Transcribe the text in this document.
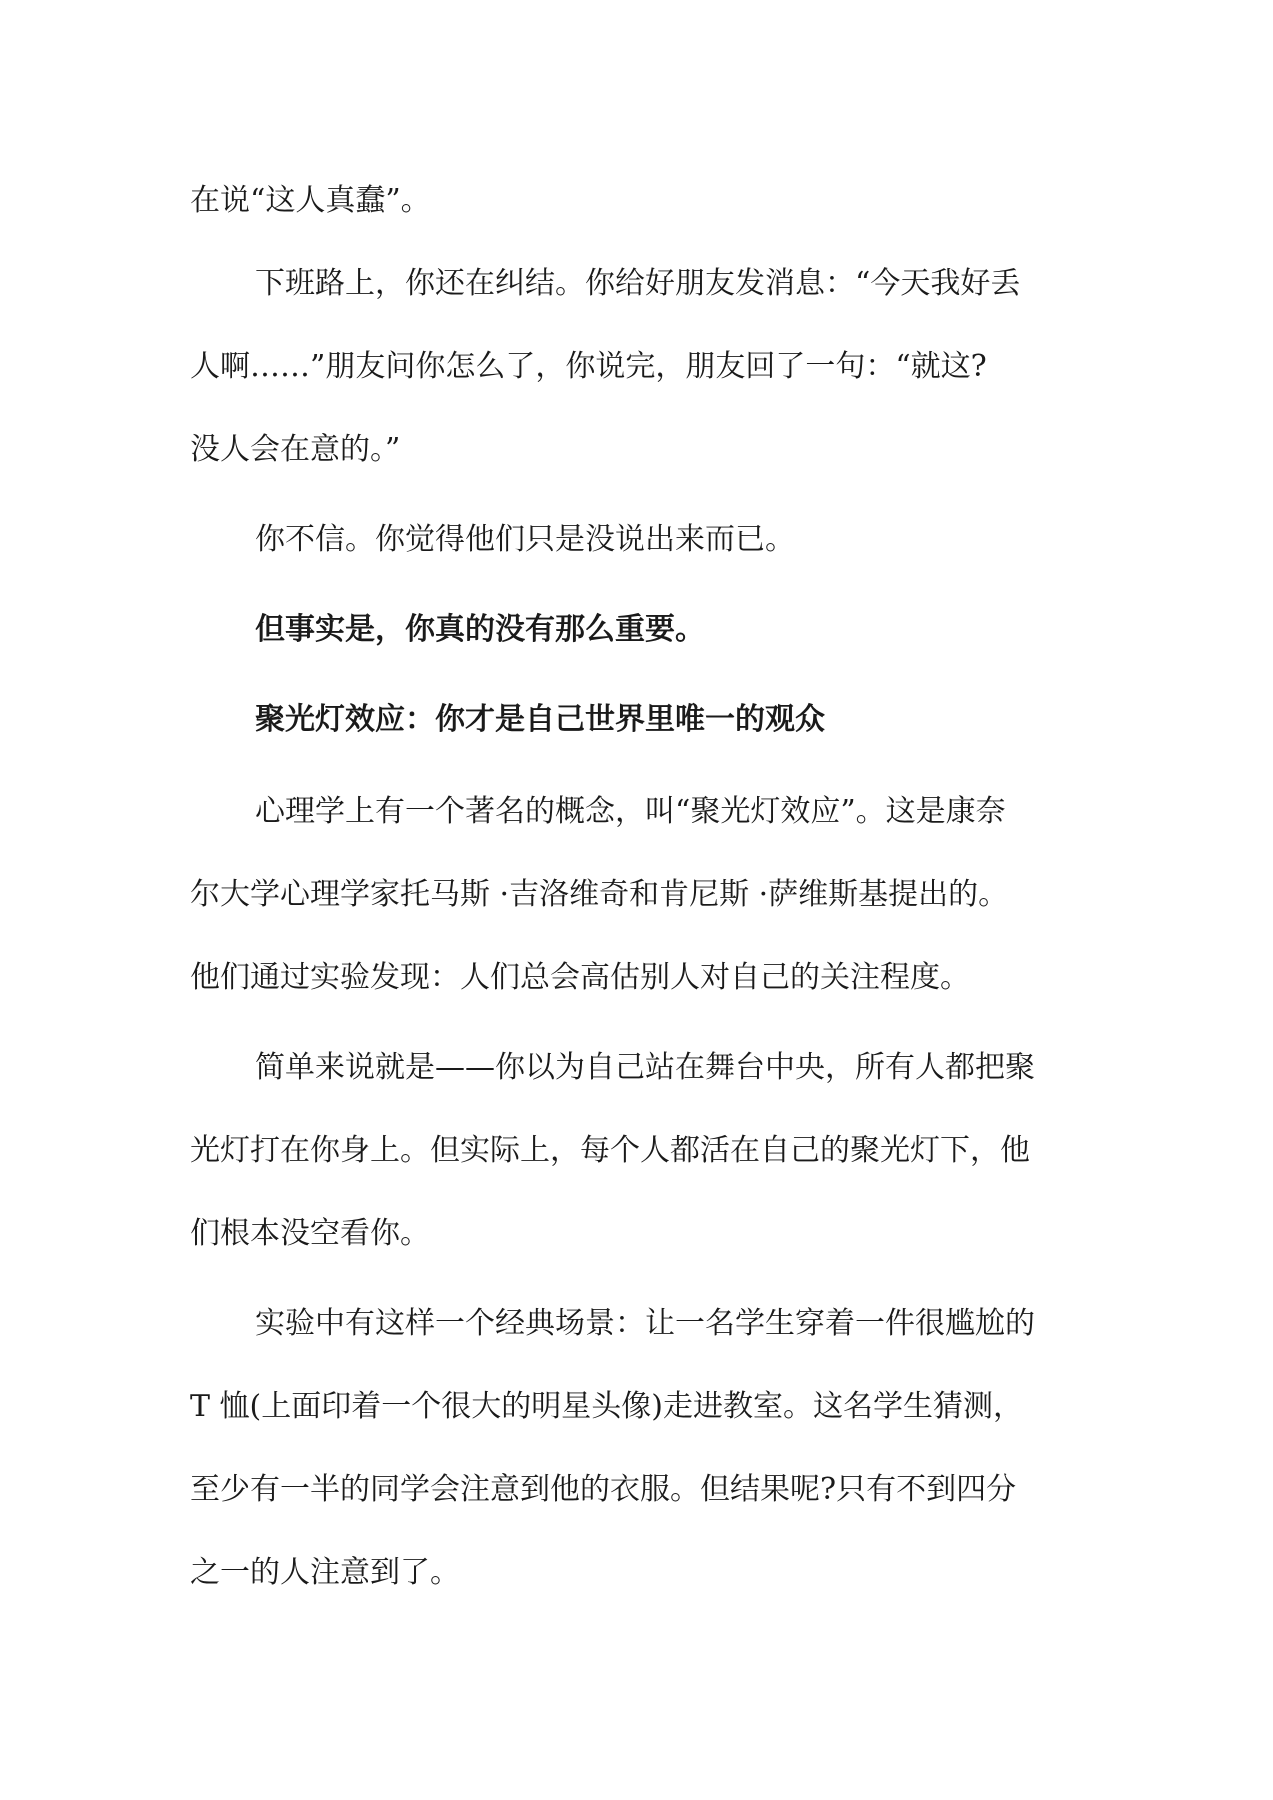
在说“这人真蠢”。

下班路上，你还在纠结。你给好朋友发消息：“今天我好丢

人啊……”朋友问你怎么了，你说完，朋友回了一句：“就这?

没人会在意的。”

你不信。你觉得他们只是没说出来而已。

但事实是，你真的没有那么重要。

聚光灯效应：你才是自己世界里唯一的观众

心理学上有一个著名的概念，叫“聚光灯效应”。这是康奈

尔大学心理学家托马斯 ·吉洛维奇和肯尼斯 ·萨维斯基提出的。

他们通过实验发现：人们总会高估别人对自己的关注程度。

简单来说就是——你以为自己站在舞台中央，所有人都把聚

光灯打在你身上。但实际上，每个人都活在自己的聚光灯下，他

们根本没空看你。

实验中有这样一个经典场景：让一名学生穿着一件很尴尬的

T 恤(上面印着一个很大的明星头像)走进教室。这名学生猜测，

至少有一半的同学会注意到他的衣服。但结果呢?只有不到四分

之一的人注意到了。
